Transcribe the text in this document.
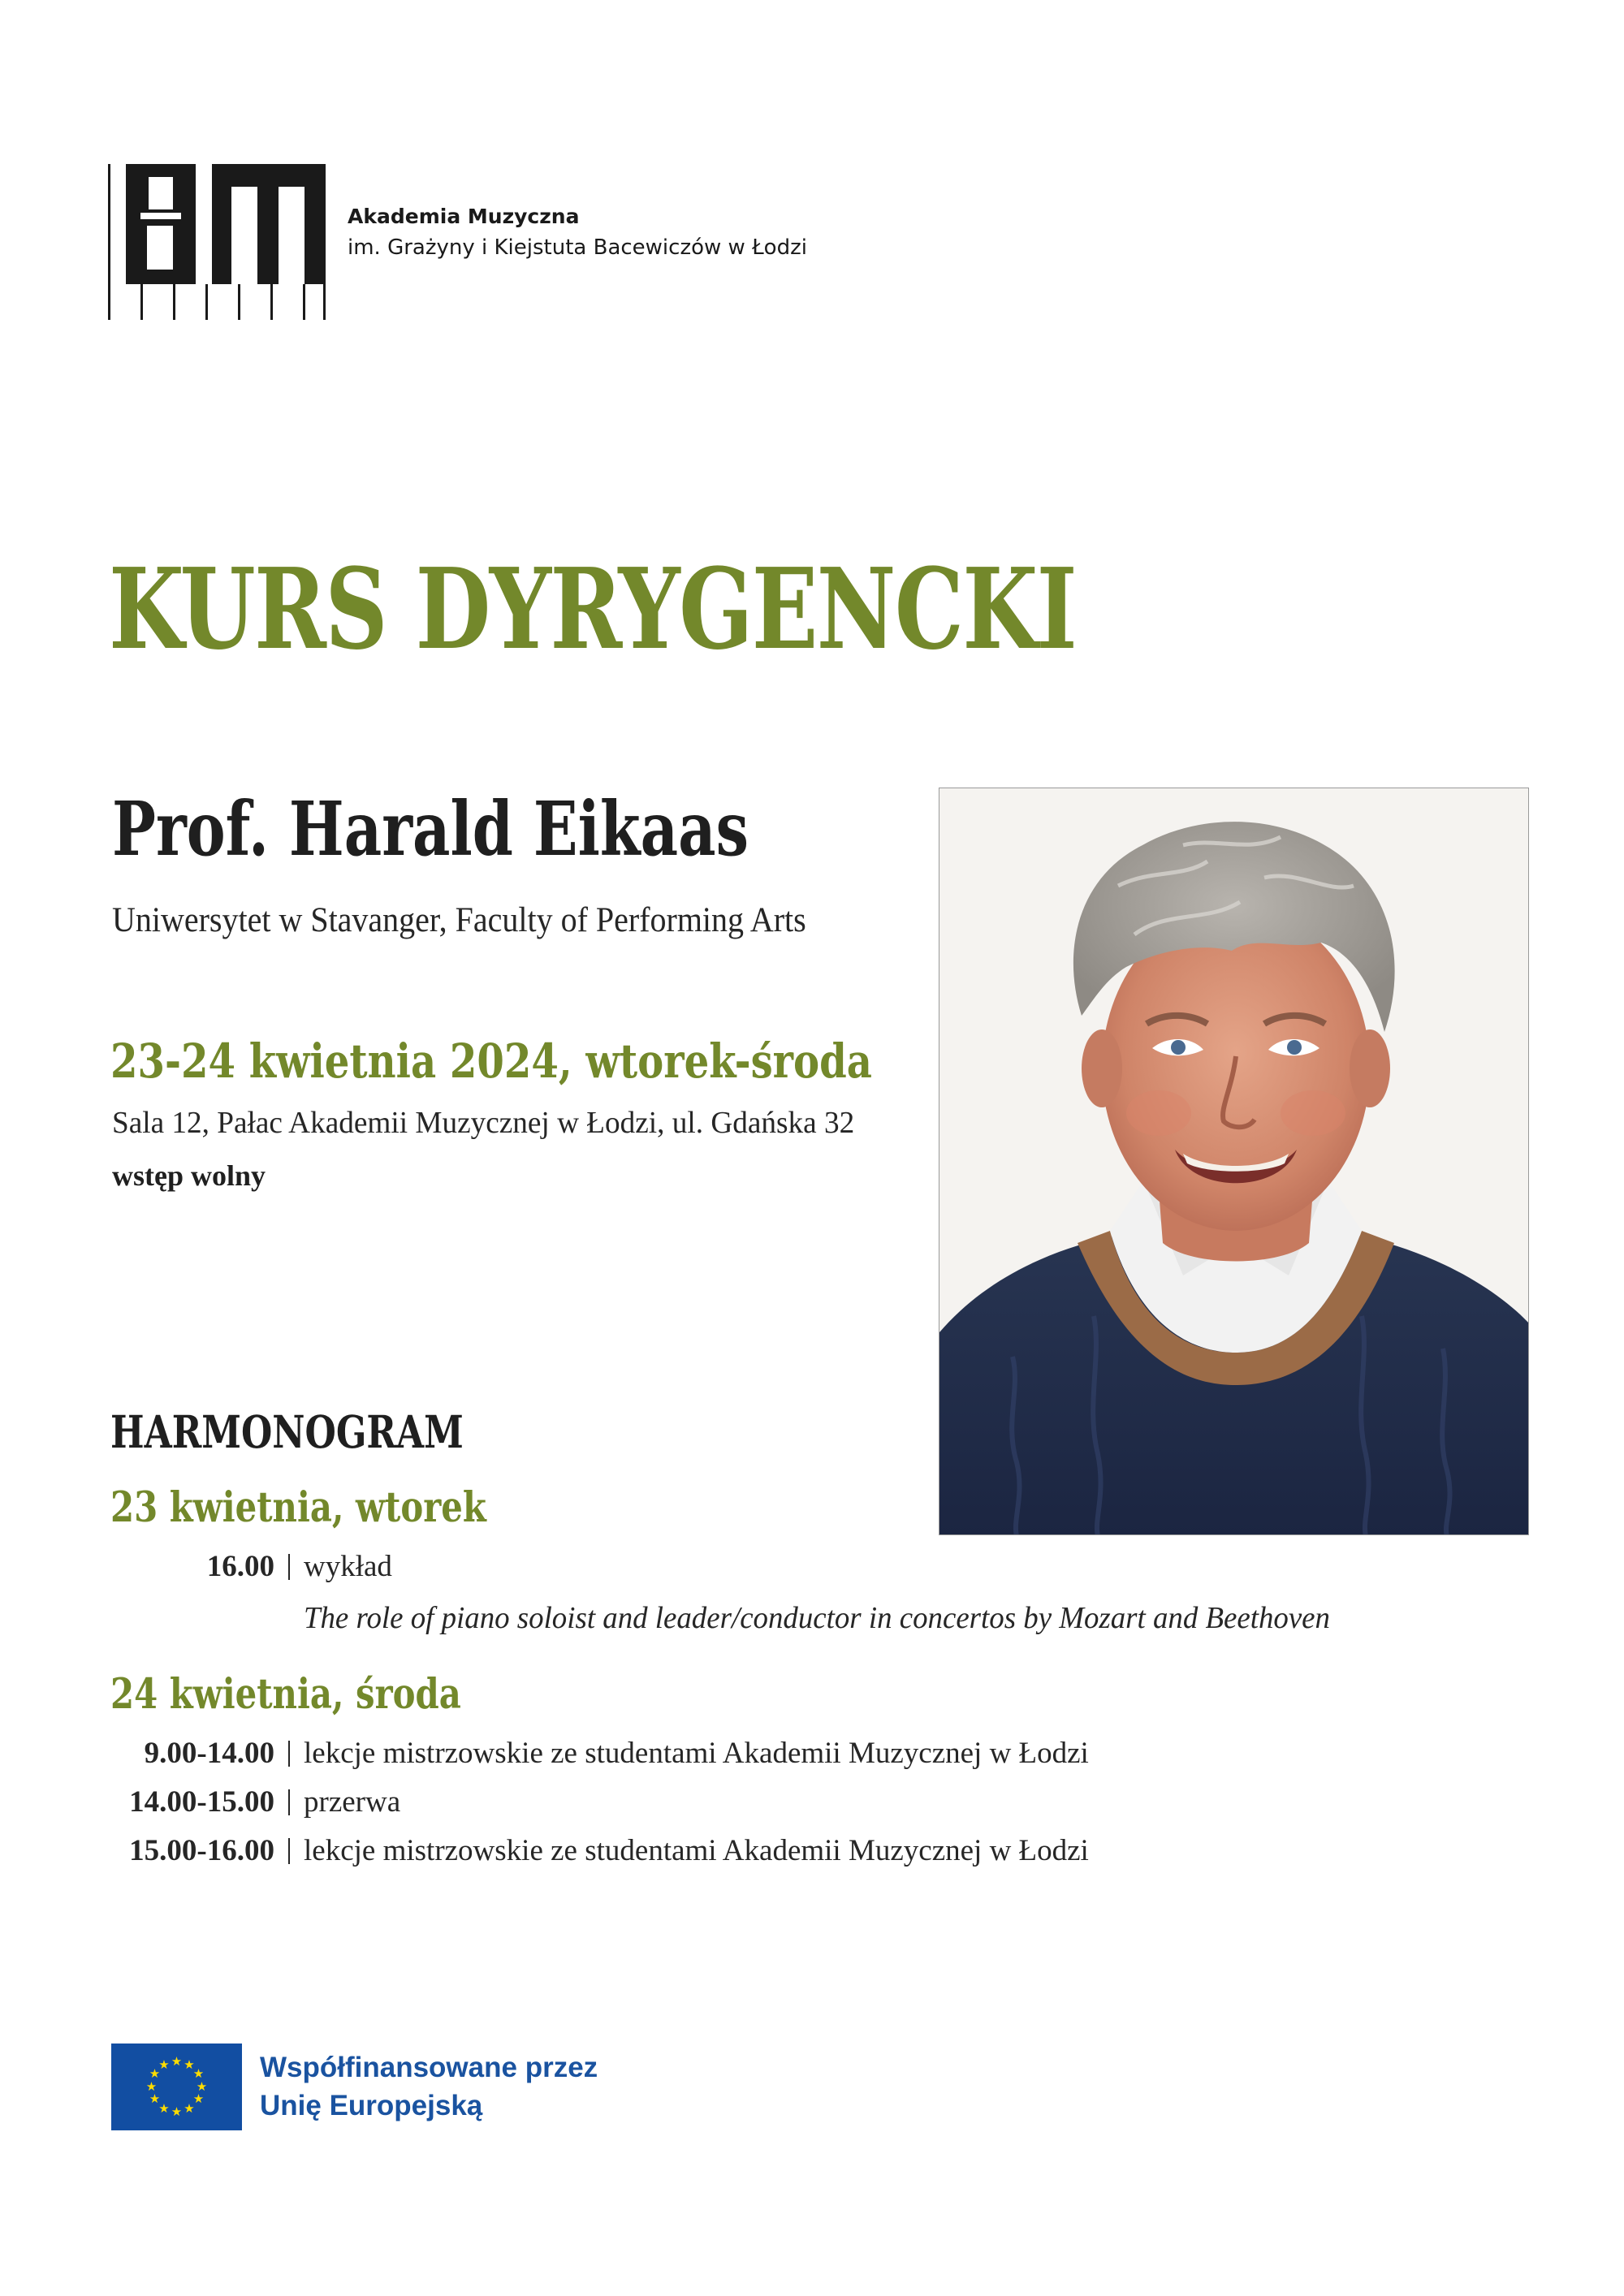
Akademia Muzyczna
im. Grażyny i Kiejstuta Bacewiczów w Łodzi
KURS DYRYGENCKI
Prof. Harald Eikaas
Uniwersytet w Stavanger, Faculty of Performing Arts
23-24 kwietnia 2024, wtorek-środa
Sala 12, Pałac Akademii Muzycznej w Łodzi, ul. Gdańska 32
wstęp wolny
HARMONOGRAM
23 kwietnia, wtorek
16.00 wykład
The role of piano soloist and leader/conductor in concertos by Mozart and Beethoven
24 kwietnia, środa
9.00-14.00 lekcje mistrzowskie ze studentami Akademii Muzycznej w Łodzi
14.00-15.00 przerwa
15.00-16.00 lekcje mistrzowskie ze studentami Akademii Muzycznej w Łodzi
★ ★
★
★
★
★
★
★
★
★
★
★	Współfinansowane przez
Unię Europejską
